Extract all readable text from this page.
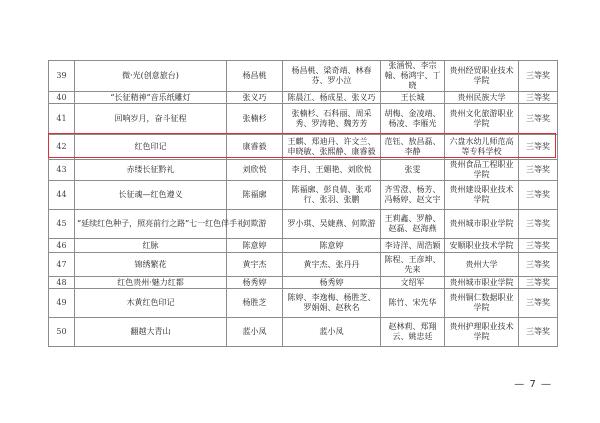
39	微·光(创意旅台)	杨昌桃	杨昌桃、梁奇靖、林春芬、罗小泣	张涵悦、李宗翰、杨鸿宇、丁晓	贵州经贸职业技术学院	三等奖
40	“长征精神”音乐纸雕灯	张义巧	陈晨江、杨成星、张义巧	王长城	贵州民族大学	三等奖
41	回响岁月，奋斗征程	张楠杉	张楠杉、石科丽、周采秀、罗涛艳、魏芳芳	胡梅、金凌靖、杨凌、李雁光	贵州文化旅游职业学院	三等奖
42	红色印记	康睿毅	王麒、郑迪丹、许文兰、申晓敏、张熙静、康睿毅	范钰、敖昌磊、李静	六盘水幼儿师范高等专科学校	三等奖
43	赤缕长征黔礼	刘欣悦	李月、王媚艳、刘欣悦	张雯	贵州食品工程职业学院	三等奖
44	长征魂—红色遵义	陈福廓	陈福廓、彭良倩、张邓行、张羽、张鹏	齐雪澄、杨芳、冯畅婷、赵文宇	贵州建设职业技术学院	三等奖
45	“延续红色种子，照亮前行之路”七一红色伴手礼	何欺游	罗小琪、吴婕燕、何欺游	王莉鑫、罗静、赵磊、赵海燕	贵州城市职业学院	三等奖
46	红脉	陈意婷	陈意婷	李诗洋、周浩颖	安顺职业技术学院	三等奖
47	锦绣繁花	黄宇杰	黄宇杰、张丹丹	陈程、王彦坤、先来	贵州大学	三等奖
48	红色贵州·魅力红都	杨秀婷	杨秀婷	文绍军	贵州城市职业学院	三等奖
49	木黄红色印记	杨胜芝	陈婷、李逸梅、杨胜芝、罗娟娟、赵秋名	陈竹、宋先华	贵州铜仁数据职业学院	三等奖
50	翻越大青山	蓝小凤	蓝小凤	赵林莉、郑翔云、姚忠廷	贵州护理职业技术学院	三等奖
— 7 —
